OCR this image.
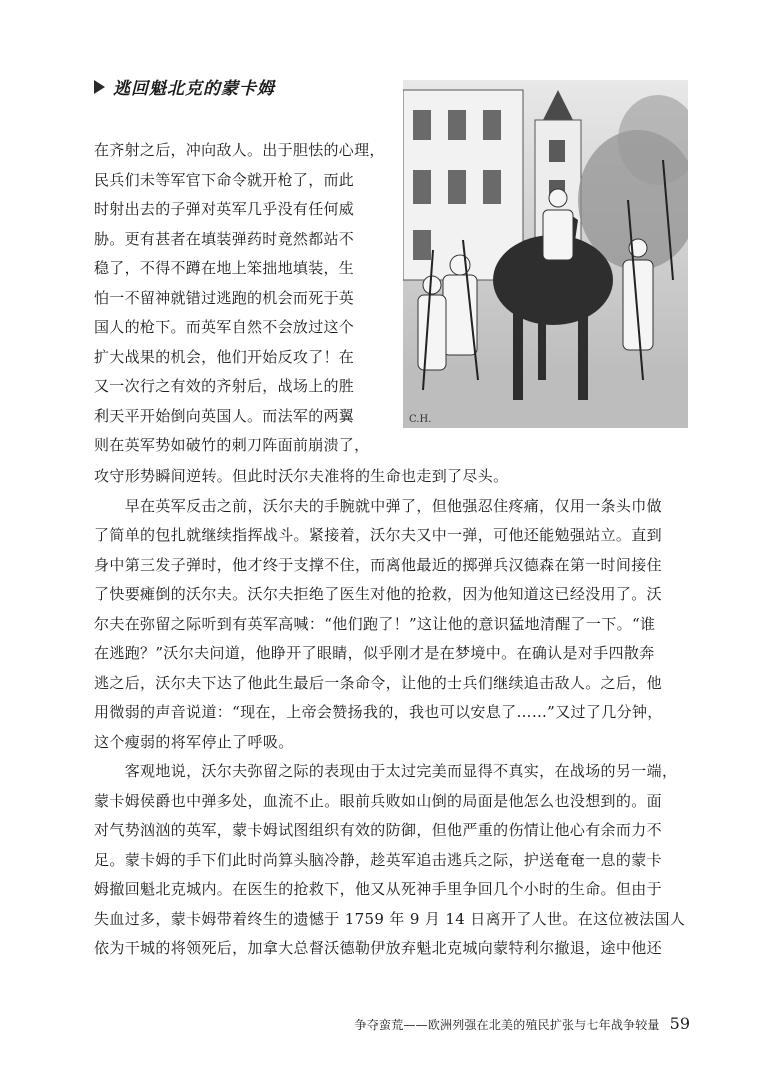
逃回魁北克的蒙卡姆
C.H.

在齐射之后，冲向敌人。出于胆怯的心理，
民兵们未等军官下命令就开枪了，而此
时射出去的子弹对英军几乎没有任何威
胁。更有甚者在填装弹药时竟然都站不
稳了，不得不蹲在地上笨拙地填装，生
怕一不留神就错过逃跑的机会而死于英
国人的枪下。而英军自然不会放过这个
扩大战果的机会，他们开始反攻了！在
又一次行之有效的齐射后，战场上的胜
利天平开始倒向英国人。而法军的两翼
则在英军势如破竹的刺刀阵面前崩溃了，

攻守形势瞬间逆转。但此时沃尔夫准将的生命也走到了尽头。
　　早在英军反击之前，沃尔夫的手腕就中弹了，但他强忍住疼痛，仅用一条头巾做
了简单的包扎就继续指挥战斗。紧接着，沃尔夫又中一弹，可他还能勉强站立。直到
身中第三发子弹时，他才终于支撑不住，而离他最近的掷弹兵汉德森在第一时间接住
了快要瘫倒的沃尔夫。沃尔夫拒绝了医生对他的抢救，因为他知道这已经没用了。沃
尔夫在弥留之际听到有英军高喊：“他们跑了！”这让他的意识猛地清醒了一下。“谁
在逃跑？”沃尔夫问道，他睁开了眼睛，似乎刚才是在梦境中。在确认是对手四散奔
逃之后，沃尔夫下达了他此生最后一条命令，让他的士兵们继续追击敌人。之后，他
用微弱的声音说道：“现在，上帝会赞扬我的，我也可以安息了……”又过了几分钟，
这个瘦弱的将军停止了呼吸。
　　客观地说，沃尔夫弥留之际的表现由于太过完美而显得不真实，在战场的另一端，
蒙卡姆侯爵也中弹多处，血流不止。眼前兵败如山倒的局面是他怎么也没想到的。面
对气势汹汹的英军，蒙卡姆试图组织有效的防御，但他严重的伤情让他心有余而力不
足。蒙卡姆的手下们此时尚算头脑冷静，趁英军追击逃兵之际，护送奄奄一息的蒙卡
姆撤回魁北克城内。在医生的抢救下，他又从死神手里争回几个小时的生命。但由于
失血过多，蒙卡姆带着终生的遗憾于 1759 年 9 月 14 日离开了人世。在这位被法国人
依为干城的将领死后，加拿大总督沃德勒伊放弃魁北克城向蒙特利尔撤退，途中他还

争夺蛮荒——欧洲列强在北美的殖民扩张与七年战争较量 59
